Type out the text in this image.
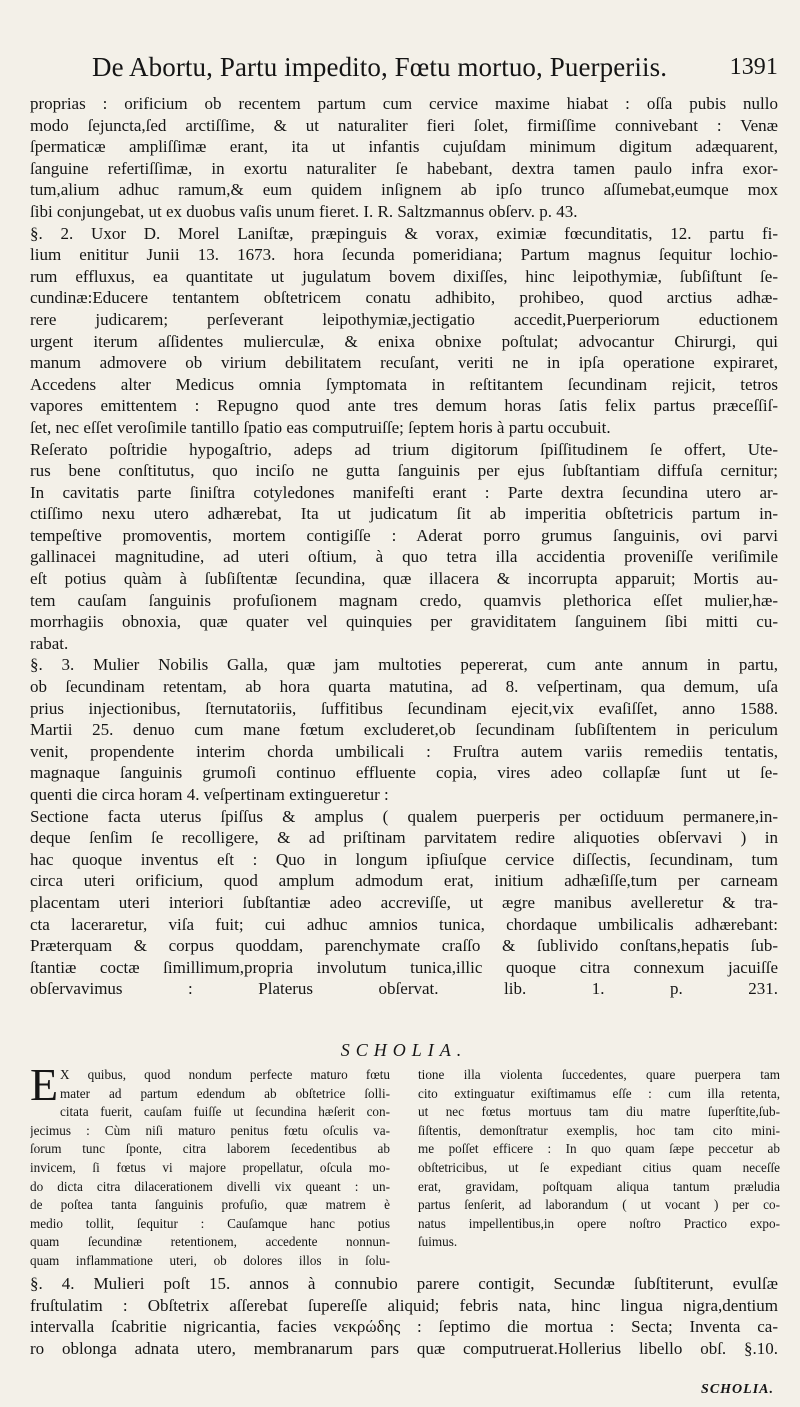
De Abortu, Partu impedito, Fœtu mortuo, Puerperiis.	1391
proprias : orificium ob recentem partum cum cervice maxime hiabat : oſſa pubis nullo
modo ſejuncta,ſed arctiſſime, & ut naturaliter fieri ſolet, firmiſſime connivebant : Venæ
ſpermaticæ ampliſſimæ erant, ita ut infantis cujuſdam minimum digitum adæquarent,
ſanguine refertiſſimæ, in exortu naturaliter ſe habebant, dextra tamen paulo infra exor-
tum,alium adhuc ramum,& eum quidem inſignem ab ipſo trunco aſſumebat,eumque mox
ſibi conjungebat, ut ex duobus vaſis unum fieret. I. R. Saltzmannus obſerv. p. 43.
§. 2. Uxor D. Morel Laniſtæ, præpinguis & vorax, eximiæ fœcunditatis, 12. partu fi-
lium enititur Junii 13. 1673. hora ſecunda pomeridiana; Partum magnus ſequitur lochio-
rum effluxus, ea quantitate ut jugulatum bovem dixiſſes, hinc leipothymiæ, ſubſiſtunt ſe-
cundinæ:Educere tentantem obſtetricem conatu adhibito, prohibeo, quod arctius adhæ-
rere judicarem; perſeverant leipothymiæ,jectigatio accedit,Puerperiorum eductionem
urgent iterum aſſidentes mulierculæ, & enixa obnixe poſtulat; advocantur Chirurgi, qui
manum admovere ob virium debilitatem recuſant, veriti ne in ipſa operatione expiraret,
Accedens alter Medicus omnia ſymptomata in reſtitantem ſecundinam rejicit, tetros
vapores emittentem : Repugno quod ante tres demum horas ſatis felix partus præceſſiſ-
ſet, nec eſſet veroſimile tantillo ſpatio eas computruiſſe; ſeptem horis à partu occubuit.
Reſerato poſtridie hypogaſtrio, adeps ad trium digitorum ſpiſſitudinem ſe offert, Ute-
rus bene conſtitutus, quo inciſo ne gutta ſanguinis per ejus ſubſtantiam diffuſa cernitur;
In cavitatis parte ſiniſtra cotyledones manifeſti erant : Parte dextra ſecundina utero ar-
ctiſſimo nexu utero adhærebat, Ita ut judicatum ſit ab imperitia obſtetricis partum in-
tempeſtive promoventis, mortem contigiſſe : Aderat porro grumus ſanguinis, ovi parvi
gallinacei magnitudine, ad uteri oſtium, à quo tetra illa accidentia proveniſſe veriſimile
eſt potius quàm à ſubſiſtentæ ſecundina, quæ illacera & incorrupta apparuit; Mortis au-
tem cauſam ſanguinis profuſionem magnam credo, quamvis plethorica eſſet mulier,hæ-
morrhagiis obnoxia, quæ quater vel quinquies per graviditatem ſanguinem ſibi mitti cu-
rabat.
§. 3. Mulier Nobilis Galla, quæ jam multoties pepererat, cum ante annum in partu,
ob ſecundinam retentam, ab hora quarta matutina, ad 8. veſpertinam, qua demum, uſa
prius injectionibus, ſternutatoriis, ſuffitibus ſecundinam ejecit,vix evaſiſſet, anno 1588.
Martii 25. denuo cum mane fœtum excluderet,ob ſecundinam ſubſiſtentem in periculum
venit, propendente interim chorda umbilicali : Fruſtra autem variis remediis tentatis,
magnaque ſanguinis grumoſi continuo effluente copia, vires adeo collapſæ ſunt ut ſe-
quenti die circa horam 4. veſpertinam extingueretur :
Sectione facta uterus ſpiſſus & amplus ( qualem puerperis per octiduum permanere,in-
deque ſenſim ſe recolligere, & ad priſtinam parvitatem redire aliquoties obſervavi ) in
hac quoque inventus eſt : Quo in longum ipſiuſque cervice diſſectis, ſecundinam, tum
circa uteri orificium, quod amplum admodum erat, initium adhæſiſſe,tum per carneam
placentam uteri interiori ſubſtantiæ adeo accreviſſe, ut ægre manibus avelleretur & tra-
cta laceraretur, viſa fuit; cui adhuc amnios tunica, chordaque umbilicalis adhærebant:
Præterquam & corpus quoddam, parenchymate craſſo & ſublivido conſtans,hepatis ſub-
ſtantiæ coctæ ſimillimum,propria involutum tunica,illic quoque citra connexum jacuiſſe
obſervavimus : Platerus obſervat. lib. 1. p. 231.
SCHOLIA.
E X quibus, quod nondum perfecte maturo fœtu
mater ad partum edendum ab obſtetrice ſolli-
citata fuerit, cauſam fuiſſe ut ſecundina hæſerit con-
jecimus : Cùm niſi maturo penitus fœtu oſculis va-
ſorum tunc ſponte, citra laborem ſecedentibus ab
invicem, ſi fœtus vi majore propellatur, oſcula mo-
do dicta citra dilacerationem divelli vix queant : un-
de poſtea tanta ſanguinis profuſio, quæ matrem è
medio tollit, ſequitur : Cauſamque hanc potius
quam ſecundinæ retentionem, accedente nonnun-
quam inflammatione uteri, ob dolores illos in ſolu-
tione illa violenta ſuccedentes, quare puerpera tam
cito extinguatur exiſtimamus eſſe : cum illa retenta,
ut nec fœtus mortuus tam diu matre ſuperſtite,ſub-
ſiſtentis, demonſtratur exemplis, hoc tam cito mini-
me poſſet efficere : In quo quam ſæpe peccetur ab
obſtetricibus, ut ſe expediant citius quam neceſſe
erat, gravidam, poſtquam aliqua tantum præludia
partus ſenſerit, ad laborandum ( ut vocant ) per co-
natus impellentibus,in opere noſtro Practico expo-
ſuimus.
§. 4. Mulieri poſt 15. annos à connubio parere contigit, Secundæ ſubſtiterunt, evulſæ
fruſtulatim : Obſtetrix aſſerebat ſupereſſe aliquid; febris nata, hinc lingua nigra,dentium
intervalla ſcabritie nigricantia, facies νεκρώδης : ſeptimo die mortua : Secta; Inventa ca-
ro oblonga adnata utero, membranarum pars quæ computruerat.Hollerius libello obſ. §.10.
SCHOLIA.
